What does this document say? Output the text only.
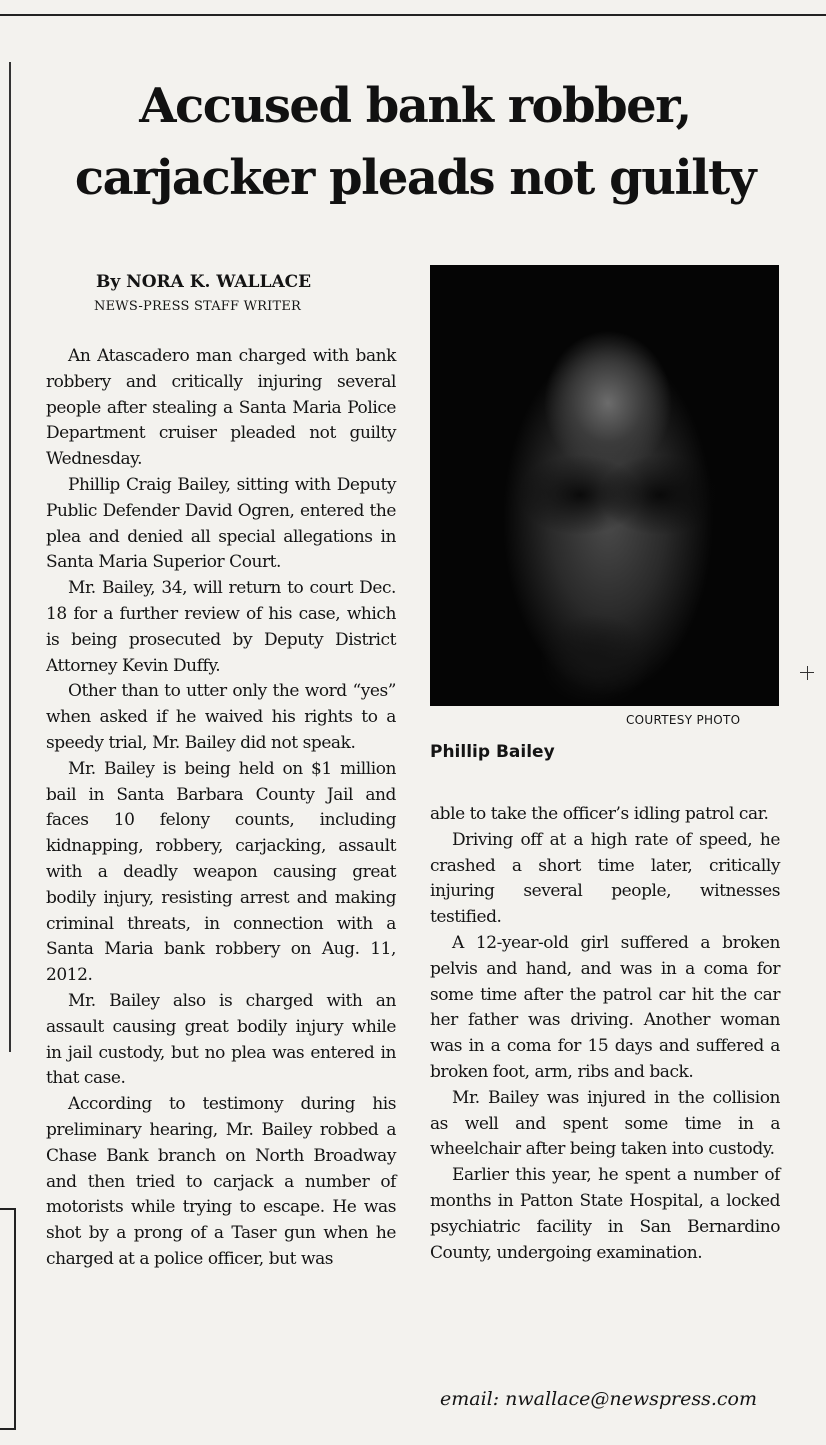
Accused bank robber,
carjacker pleads not guilty

By NORA K. WALLACE

NEWS-PRESS STAFF WRITER

An Atascadero man charged with bank robbery and critically injuring several people after stealing a Santa Maria Police Department cruiser pleaded not guilty Wednesday.

Phillip Craig Bailey, sitting with Deputy Public Defender David Ogren, entered the plea and denied all special allegations in Santa Maria Superior Court.

Mr. Bailey, 34, will return to court Dec. 18 for a further review of his case, which is being prosecuted by Deputy District Attorney Kevin Duffy.

Other than to utter only the word “yes” when asked if he waived his rights to a speedy trial, Mr. Bailey did not speak.

Mr. Bailey is being held on $1 million bail in Santa Barbara County Jail and faces 10 felony counts, including kidnapping, robbery, carjacking, assault with a deadly weapon causing great bodily injury, resisting arrest and making criminal threats, in connection with a Santa Maria bank robbery on Aug. 11, 2012.

Mr. Bailey also is charged with an assault causing great bodily injury while in jail custody, but no plea was entered in that case.

According to testimony during his preliminary hearing, Mr. Bailey robbed a Chase Bank branch on North Broadway and then tried to carjack a number of motorists while trying to escape. He was shot by a prong of a Taser gun when he charged at a police officer, but was

COURTESY PHOTO

Phillip Bailey

able to take the officer’s idling patrol car.

Driving off at a high rate of speed, he crashed a short time later, critically injuring several people, witnesses testified.

A 12-year-old girl suffered a broken pelvis and hand, and was in a coma for some time after the patrol car hit the car her father was driving. Another woman was in a coma for 15 days and suffered a broken foot, arm, ribs and back.

Mr. Bailey was injured in the collision as well and spent some time in a wheelchair after being taken into custody.

Earlier this year, he spent a number of months in Patton State Hospital, a locked psychiatric facility in San Bernardino County, undergoing examination.

email: nwallace@newspress.com
